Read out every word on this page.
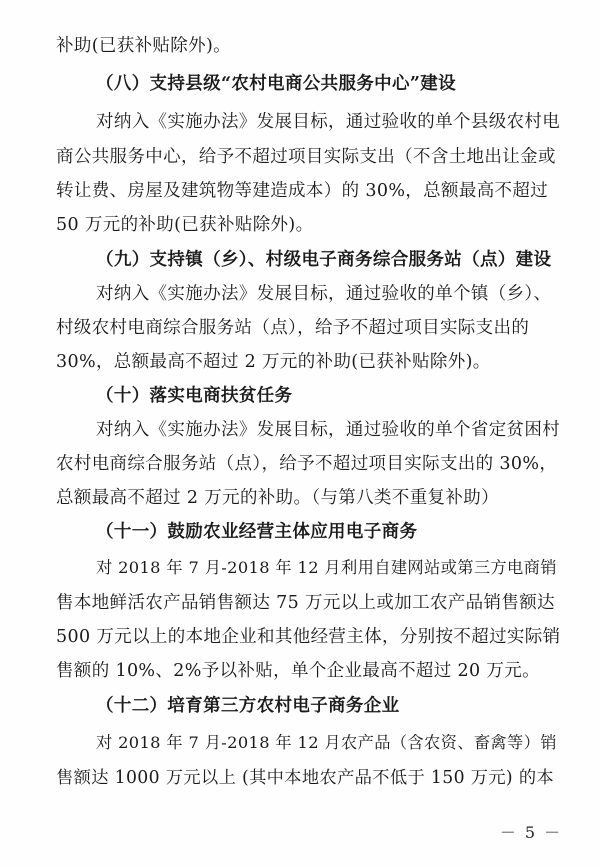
补助(已获补贴除外)。
（八）支持县级“农村电商公共服务中心”建设
对纳入《实施办法》发展目标，通过验收的单个县级农村电
商公共服务中心，给予不超过项目实际支出（不含土地出让金或
转让费、房屋及建筑物等建造成本）的 30%，总额最高不超过
50 万元的补助(已获补贴除外)。
（九）支持镇（乡）、村级电子商务综合服务站（点）建设
对纳入《实施办法》发展目标，通过验收的单个镇（乡）、
村级农村电商综合服务站（点），给予不超过项目实际支出的
30%，总额最高不超过 2 万元的补助(已获补贴除外)。
（十）落实电商扶贫任务
对纳入《实施办法》发展目标，通过验收的单个省定贫困村
农村电商综合服务站（点），给予不超过项目实际支出的 30%，
总额最高不超过 2 万元的补助。（与第八类不重复补助）
（十一）鼓励农业经营主体应用电子商务
对 2018 年 7 月-2018 年 12 月利用自建网站或第三方电商销
售本地鲜活农产品销售额达 75 万元以上或加工农产品销售额达
500 万元以上的本地企业和其他经营主体，分别按不超过实际销
售额的 10%、2%予以补贴，单个企业最高不超过 20 万元。
（十二）培育第三方农村电子商务企业
对 2018 年 7 月-2018 年 12 月农产品（含农资、畜禽等）销
售额达 1000 万元以上 (其中本地农产品不低于 150 万元) 的本
－ 5 －
